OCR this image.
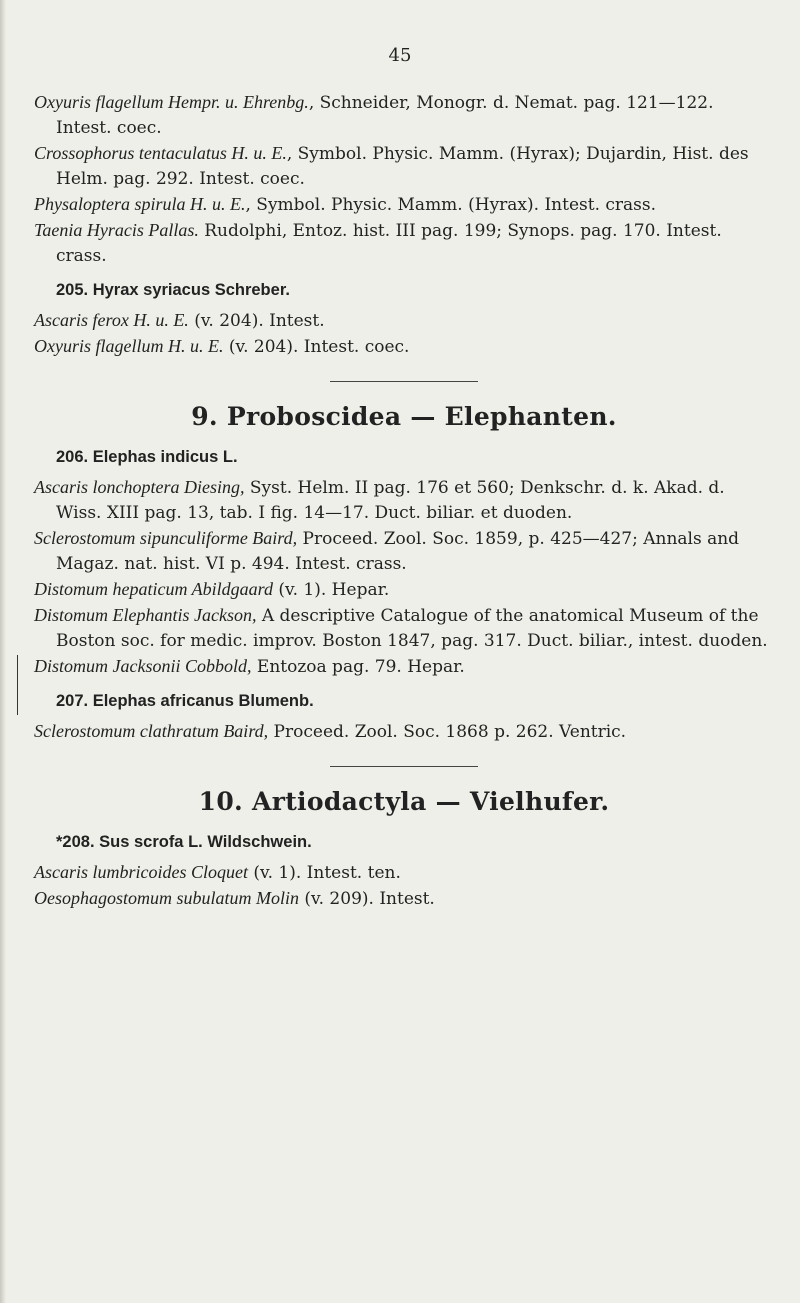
45

Oxyuris flagellum Hempr. u. Ehrenbg., Schneider, Monogr. d. Nemat. pag. 121—122. Intest. coec.

Crossophorus tentaculatus H. u. E., Symbol. Physic. Mamm. (Hyrax); Dujardin, Hist. des Helm. pag. 292. Intest. coec.

Physaloptera spirula H. u. E., Symbol. Physic. Mamm. (Hyrax). Intest. crass.

Taenia Hyracis Pallas. Rudolphi, Entoz. hist. III pag. 199; Synops. pag. 170. Intest. crass.

205. Hyrax syriacus Schreber.

Ascaris ferox H. u. E. (v. 204). Intest.

Oxyuris flagellum H. u. E. (v. 204). Intest. coec.

9. Proboscidea — Elephanten.
206. Elephas indicus L.

Ascaris lonchoptera Diesing, Syst. Helm. II pag. 176 et 560; Denkschr. d. k. Akad. d. Wiss. XIII pag. 13, tab. I fig. 14—17. Duct. biliar. et duoden.

Sclerostomum sipunculiforme Baird, Proceed. Zool. Soc. 1859, p. 425—427; Annals and Magaz. nat. hist. VI p. 494. Intest. crass.

Distomum hepaticum Abildgaard (v. 1). Hepar.

Distomum Elephantis Jackson, A descriptive Catalogue of the anatomical Museum of the Boston soc. for medic. improv. Boston 1847, pag. 317. Duct. biliar., intest. duoden.

Distomum Jacksonii Cobbold, Entozoa pag. 79. Hepar.

207. Elephas africanus Blumenb.

Sclerostomum clathratum Baird, Proceed. Zool. Soc. 1868 p. 262. Ventric.

10. Artiodactyla — Vielhufer.
*208. Sus scrofa L. Wildschwein.

Ascaris lumbricoides Cloquet (v. 1). Intest. ten.

Oesophagostomum subulatum Molin (v. 209). Intest.
